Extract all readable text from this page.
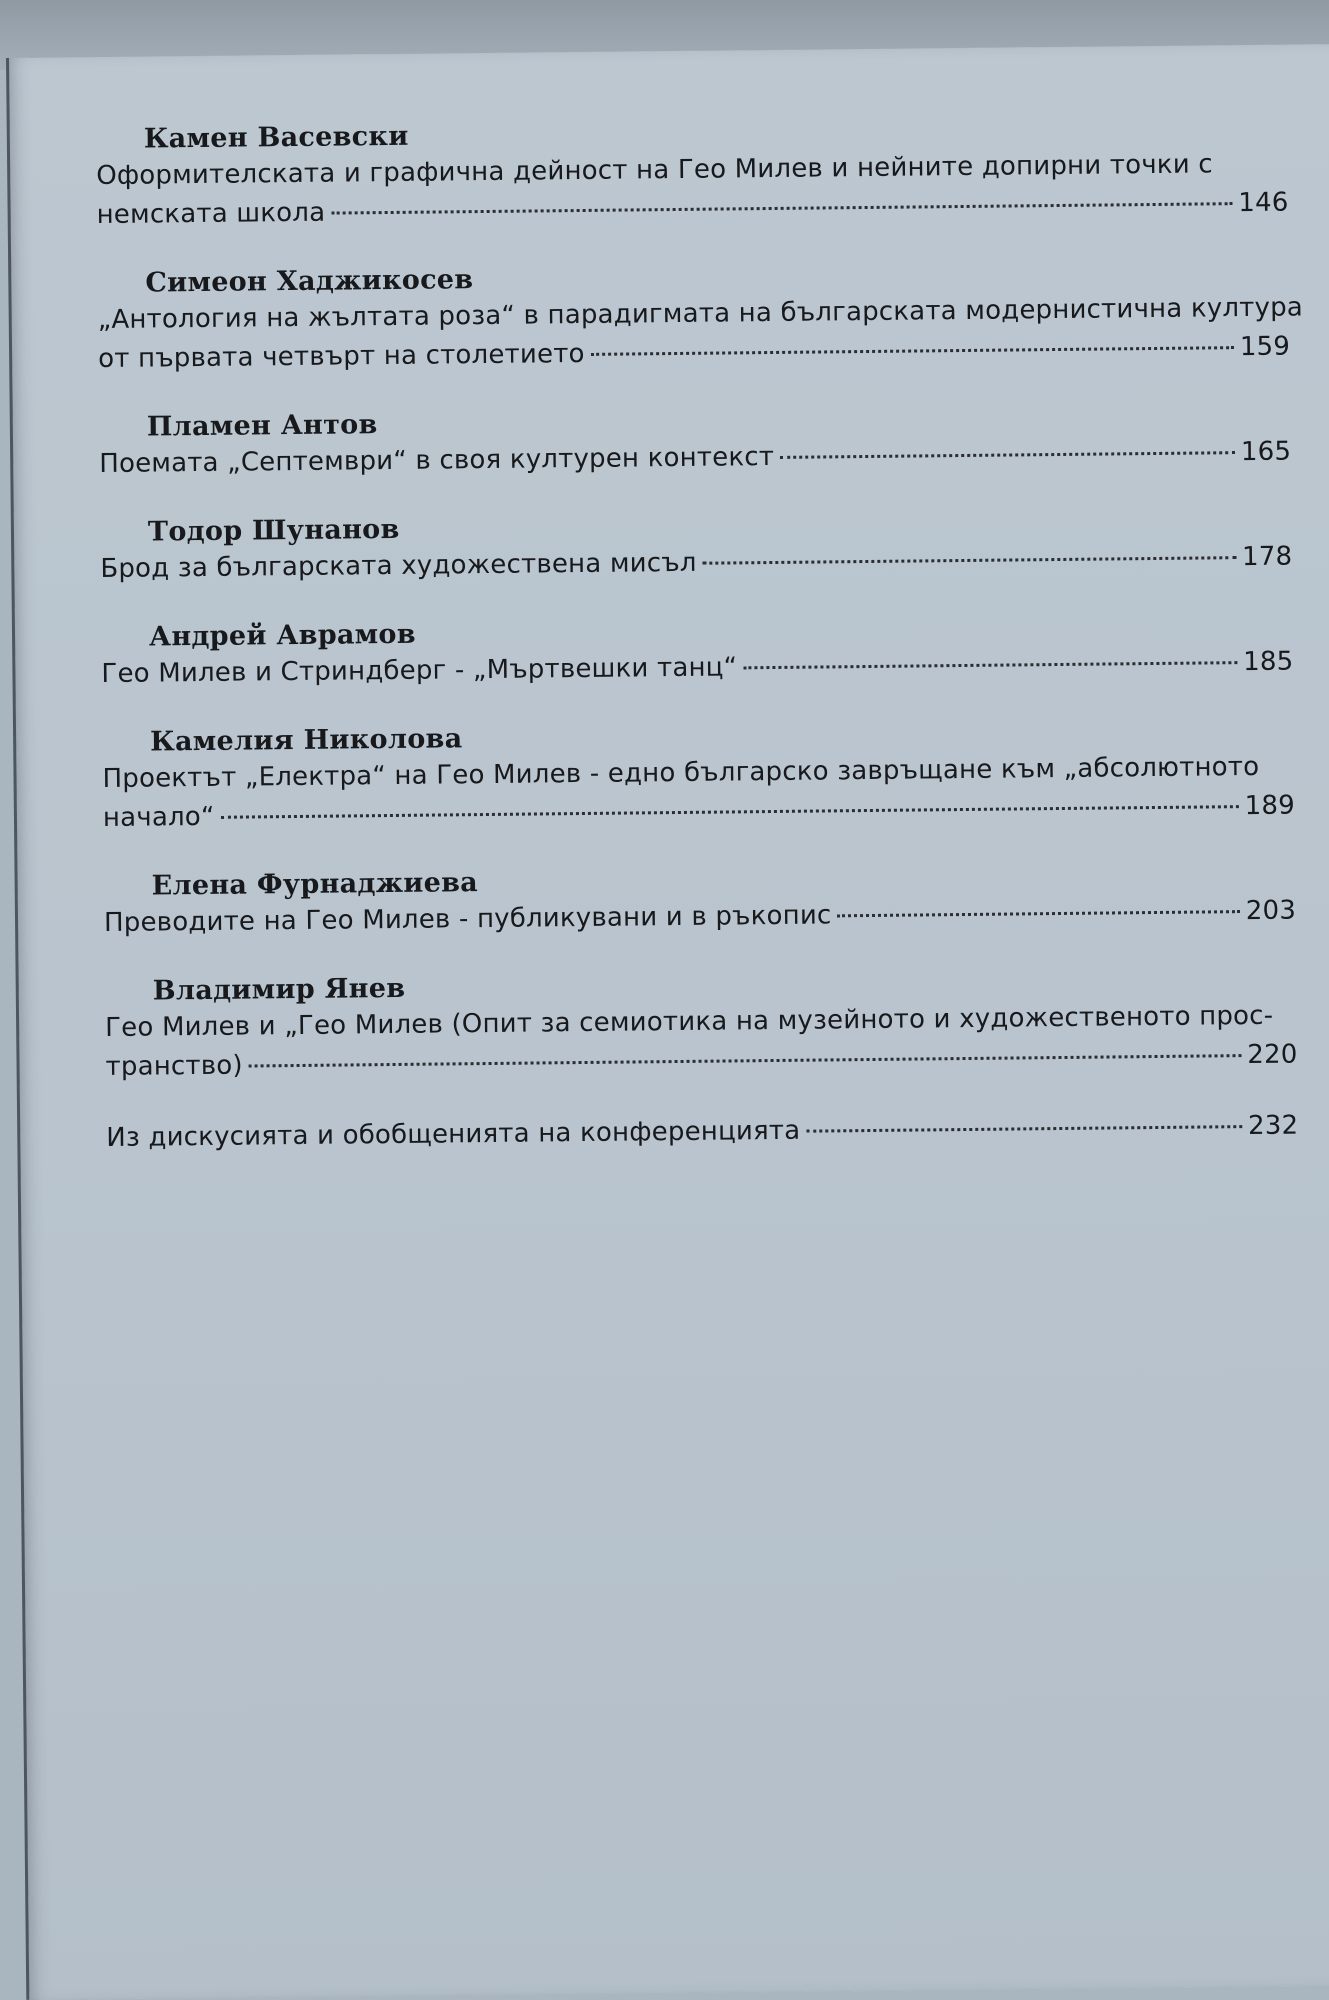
Камен Васевски
Оформителската и графична дейност на Гео Милев и нейните допирни точки с
немската школа	146
Симеон Хаджикосев
„Антология на жълтата роза“ в парадигмата на българската модернистична култура
от първата четвърт на столетието	159
Пламен Антов
Поемата „Септември“ в своя културен контекст	165
Тодор Шунанов
Брод за българската художествена мисъл	178
Андрей Аврамов
Гео Милев и Стриндберг - „Мъртвешки танц“	185
Камелия Николова
Проектът „Електра“ на Гео Милев - едно българско завръщане към „абсолютното
начало“	189
Елена Фурнаджиева
Преводите на Гео Милев - публикувани и в ръкопис	203
Владимир Янев
Гео Милев и „Гео Милев (Опит за семиотика на музейното и художественото прос-
транство)	220
Из дискусията и обобщенията на конференцията	232
